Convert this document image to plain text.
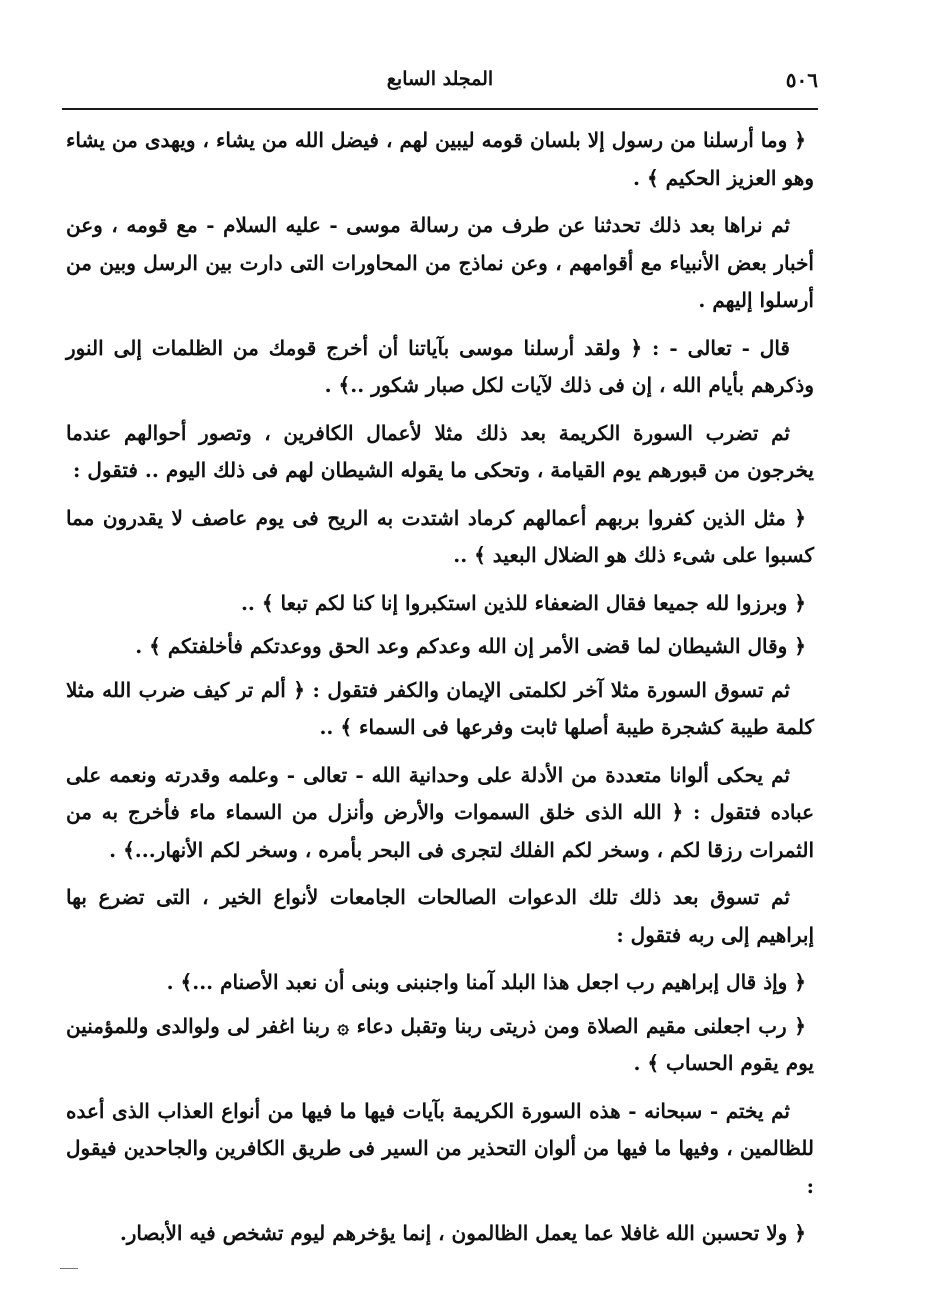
٥٠٦
المجلد السابع

﴿ وما أرسلنا من رسول إلا بلسان قومه ليبين لهم ، فيضل الله من يشاء ، ويهدى من يشاء وهو العزيز الحكيم ﴾ .

ثم نراها بعد ذلك تحدثنا عن طرف من رسالة موسى - عليه السلام - مع قومه ، وعن أخبار بعض الأنبياء مع أقوامهم ، وعن نماذج من المحاورات التى دارت بين الرسل وبين من أرسلوا إليهم .

قال - تعالى - : ﴿ ولقد أرسلنا موسى بآياتنا أن أخرج قومك من الظلمات إلى النور وذكرهم بأيام الله ، إن فى ذلك لآيات لكل صبار شكور ..﴾ .

ثم تضرب السورة الكريمة بعد ذلك مثلا لأعمال الكافرين ، وتصور أحوالهم عندما يخرجون من قبورهم يوم القيامة ، وتحكى ما يقوله الشيطان لهم فى ذلك اليوم .. فتقول :

﴿ مثل الذين كفروا بربهم أعمالهم كرماد اشتدت به الريح فى يوم عاصف لا يقدرون مما كسبوا على شىء ذلك هو الضلال البعيد ﴾ ..

﴿ وبرزوا لله جميعا فقال الضعفاء للذين استكبروا إنا كنا لكم تبعا ﴾ ..

﴿ وقال الشيطان لما قضى الأمر إن الله وعدكم وعد الحق ووعدتكم فأخلفتكم ﴾ .

ثم تسوق السورة مثلا آخر لكلمتى الإيمان والكفر فتقول : ﴿ ألم تر كيف ضرب الله مثلا كلمة طيبة كشجرة طيبة أصلها ثابت وفرعها فى السماء ﴾ ..

ثم يحكى ألوانا متعددة من الأدلة على وحدانية الله - تعالى - وعلمه وقدرته ونعمه على عباده فتقول : ﴿ الله الذى خلق السموات والأرض وأنزل من السماء ماء فأخرج به من الثمرات رزقا لكم ، وسخر لكم الفلك لتجرى فى البحر بأمره ، وسخر لكم الأنهار...﴾ .

ثم تسوق بعد ذلك تلك الدعوات الصالحات الجامعات لأنواع الخير ، التى تضرع بها إبراهيم إلى ربه فتقول :

﴿ وإذ قال إبراهيم رب اجعل هذا البلد آمنا واجنبنى وبنى أن نعبد الأصنام ...﴾ .

﴿ رب اجعلنى مقيم الصلاة ومن ذريتى ربنا وتقبل دعاء ۞ ربنا اغفر لى ولوالدى وللمؤمنين يوم يقوم الحساب ﴾ .

ثم يختم - سبحانه - هذه السورة الكريمة بآيات فيها ما فيها من أنواع العذاب الذى أعده للظالمين ، وفيها ما فيها من ألوان التحذير من السير فى طريق الكافرين والجاحدين فيقول :

﴿ ولا تحسبن الله غافلا عما يعمل الظالمون ، إنما يؤخرهم ليوم تشخص فيه الأبصار.
